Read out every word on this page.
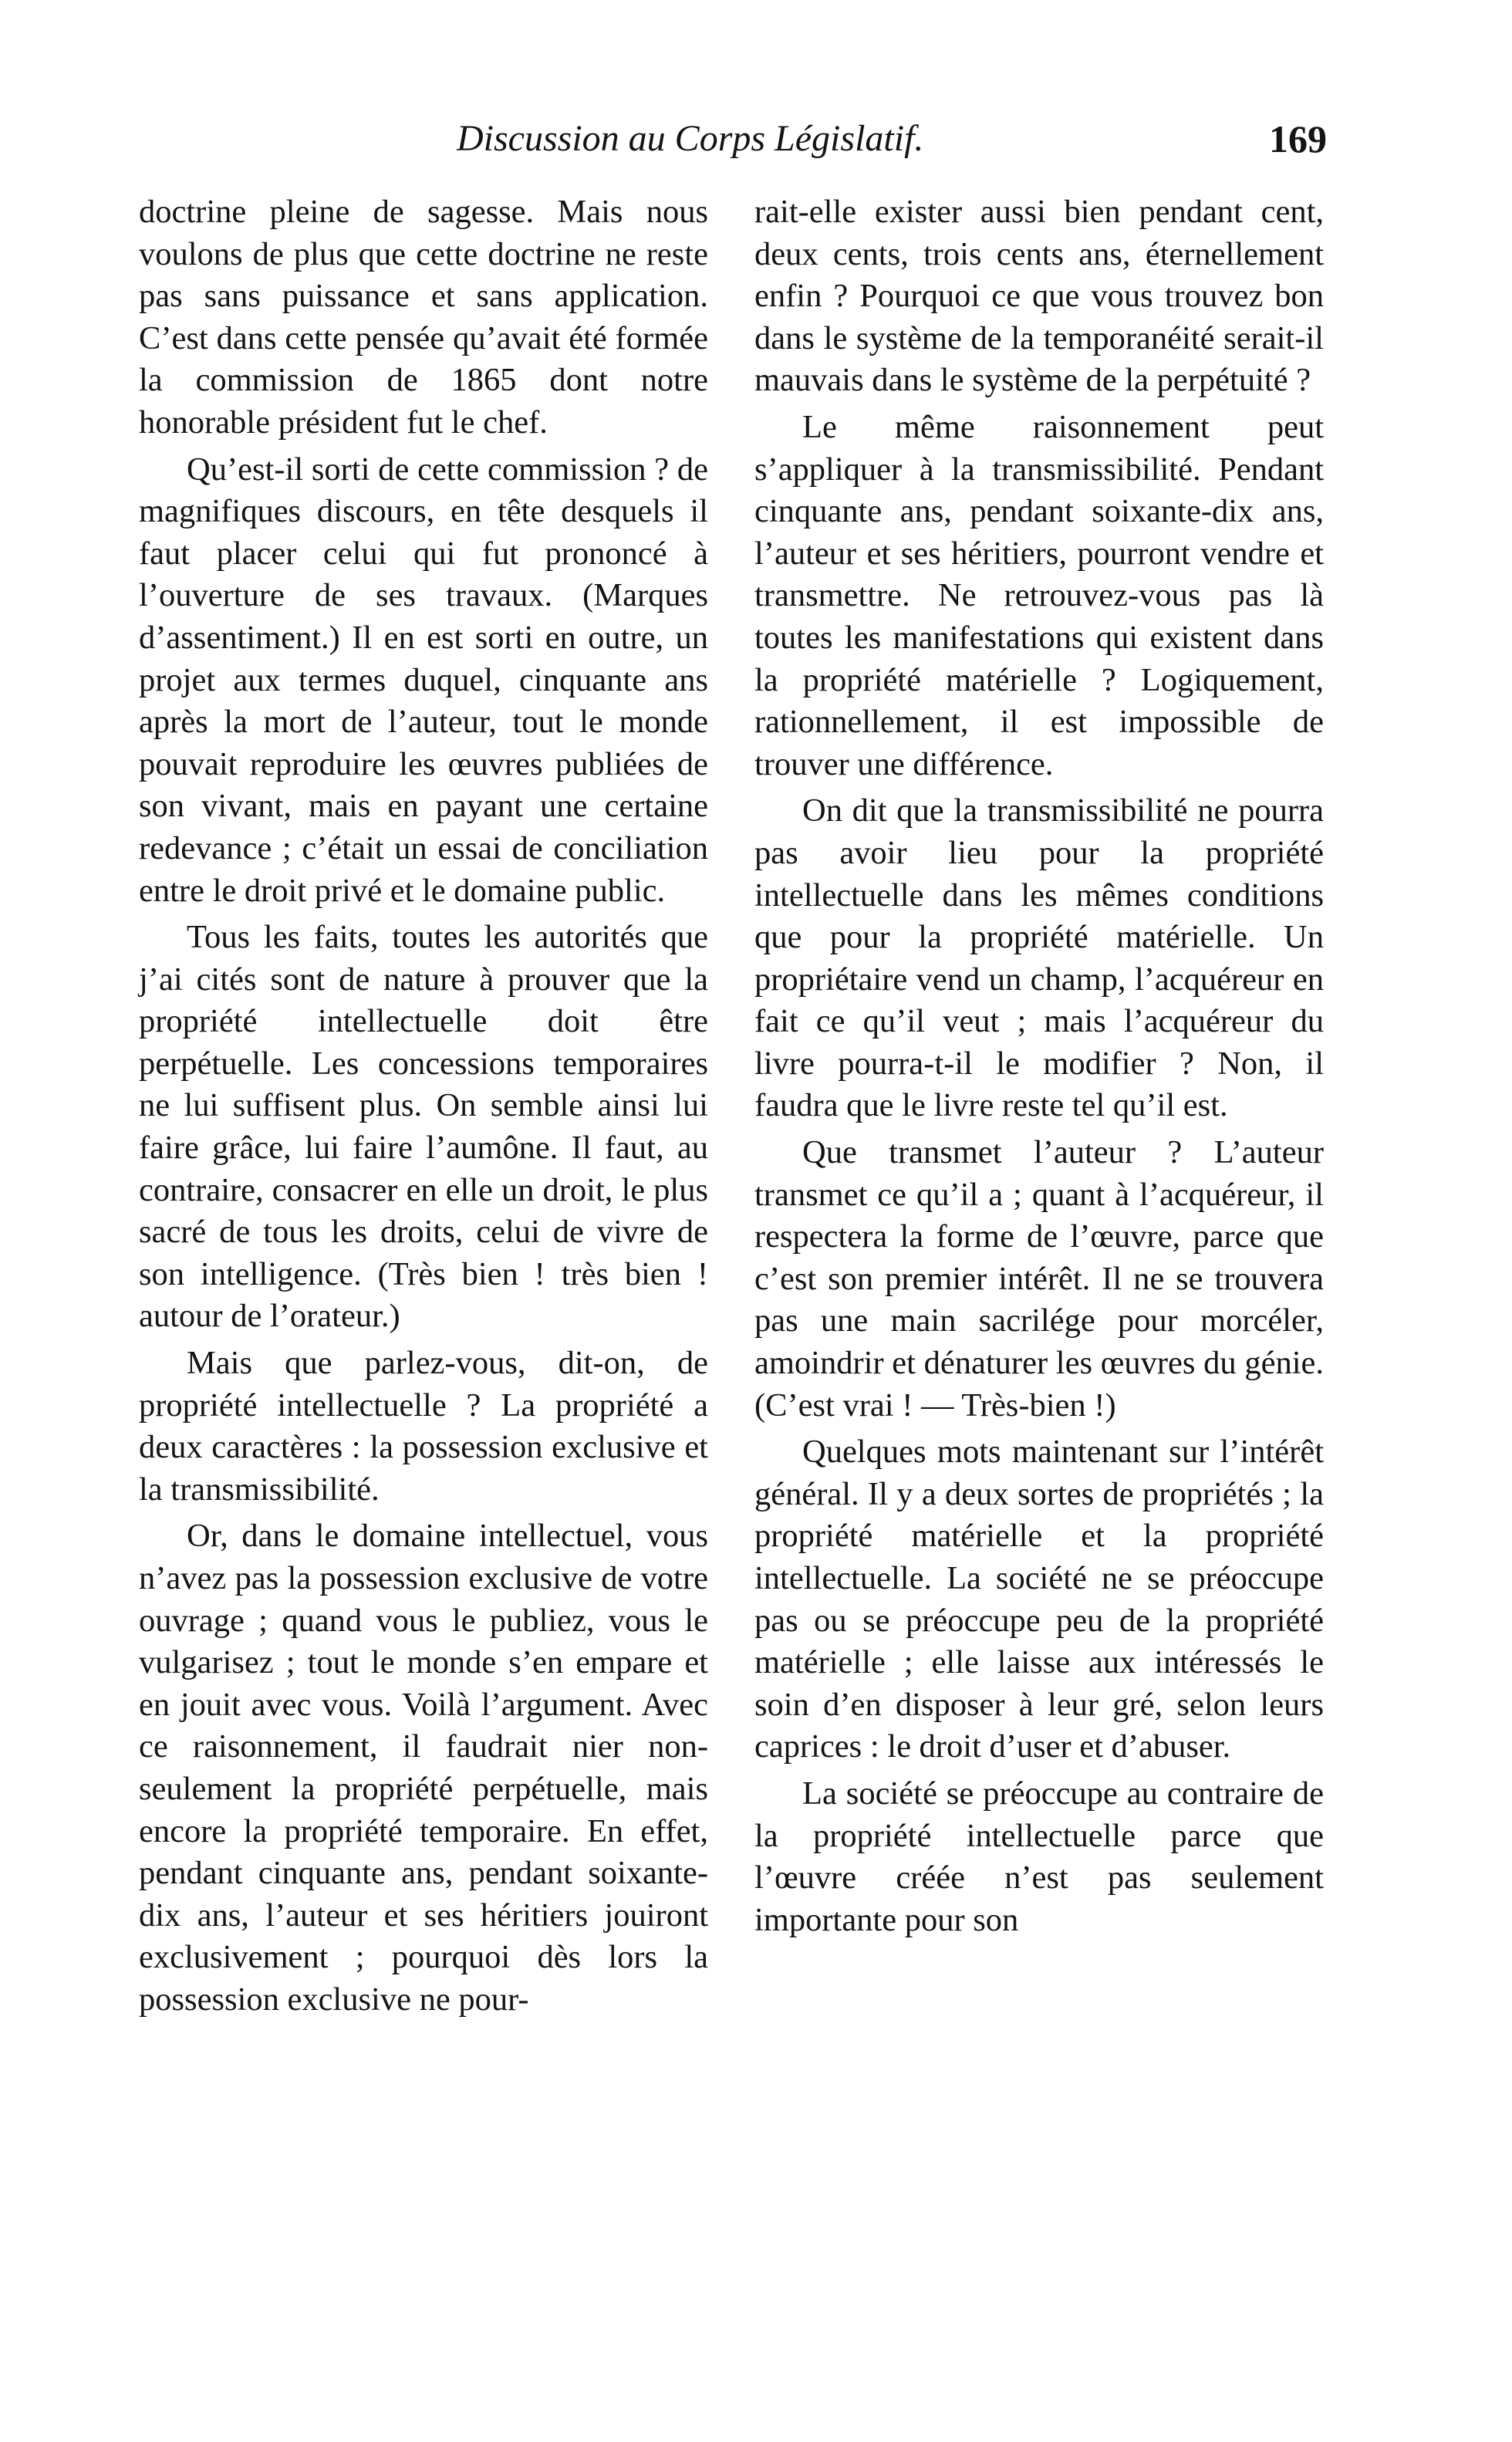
Discussion au Corps Législatif.	169

doctrine pleine de sagesse. Mais nous voulons de plus que cette doctrine ne reste pas sans puissance et sans application. C’est dans cette pensée qu’avait été formée la commission de 1865 dont notre honorable président fut le chef.

Qu’est-il sorti de cette commission ? de magnifiques discours, en tête desquels il faut placer celui qui fut prononcé à l’ouverture de ses travaux. (Marques d’assentiment.) Il en est sorti en outre, un projet aux termes duquel, cinquante ans après la mort de l’auteur, tout le monde pouvait reproduire les œuvres publiées de son vivant, mais en payant une certaine redevance ; c’était un essai de conciliation entre le droit privé et le domaine public.

Tous les faits, toutes les autorités que j’ai cités sont de nature à prouver que la propriété intellectuelle doit être perpétuelle. Les concessions temporaires ne lui suffisent plus. On semble ainsi lui faire grâce, lui faire l’aumône. Il faut, au contraire, consacrer en elle un droit, le plus sacré de tous les droits, celui de vivre de son intelligence. (Très bien ! très bien ! autour de l’orateur.)

Mais que parlez-vous, dit-on, de propriété intellectuelle ? La propriété a deux caractères : la possession exclusive et la transmissibilité.

Or, dans le domaine intellectuel, vous n’avez pas la possession exclusive de votre ouvrage ; quand vous le publiez, vous le vulgarisez ; tout le monde s’en empare et en jouit avec vous. Voilà l’argument. Avec ce raisonnement, il faudrait nier non-seulement la propriété perpétuelle, mais encore la propriété temporaire. En effet, pendant cinquante ans, pendant soixante-dix ans, l’auteur et ses héritiers jouiront exclusivement ; pourquoi dès lors la possession exclusive ne pour-

rait-elle exister aussi bien pendant cent, deux cents, trois cents ans, éternellement enfin ? Pourquoi ce que vous trouvez bon dans le système de la temporanéité serait-il mauvais dans le système de la perpétuité ?

Le même raisonnement peut s’appliquer à la transmissibilité. Pendant cinquante ans, pendant soixante-dix ans, l’auteur et ses héritiers, pourront vendre et transmettre. Ne retrouvez-vous pas là toutes les manifestations qui existent dans la propriété matérielle ? Logiquement, rationnellement, il est impossible de trouver une différence.

On dit que la transmissibilité ne pourra pas avoir lieu pour la propriété intellectuelle dans les mêmes conditions que pour la propriété matérielle. Un propriétaire vend un champ, l’acquéreur en fait ce qu’il veut ; mais l’acquéreur du livre pourra-t-il le modifier ? Non, il faudra que le livre reste tel qu’il est.

Que transmet l’auteur ? L’auteur transmet ce qu’il a ; quant à l’acquéreur, il respectera la forme de l’œuvre, parce que c’est son premier intérêt. Il ne se trouvera pas une main sacrilége pour morcéler, amoindrir et dénaturer les œuvres du génie. (C’est vrai ! — Très-bien !)

Quelques mots maintenant sur l’intérêt général. Il y a deux sortes de propriétés ; la propriété matérielle et la propriété intellectuelle. La société ne se préoccupe pas ou se préoccupe peu de la propriété matérielle ; elle laisse aux intéressés le soin d’en disposer à leur gré, selon leurs caprices : le droit d’user et d’abuser.

La société se préoccupe au contraire de la propriété intellectuelle parce que l’œuvre créée n’est pas seulement importante pour son
